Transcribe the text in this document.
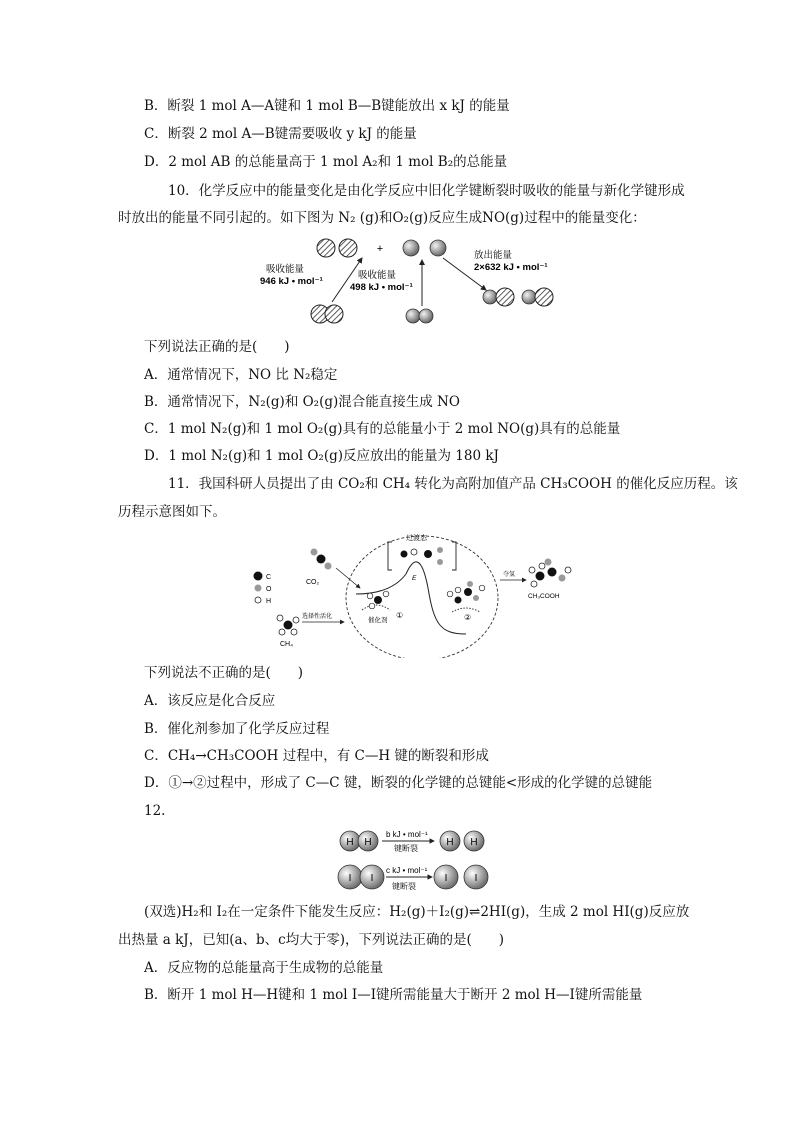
B．断裂 1 mol A—A键和 1 mol B—B键能放出 x kJ 的能量
C．断裂 2 mol A—B键需要吸收 y kJ 的能量
D．2 mol AB 的总能量高于 1 mol A₂和 1 mol B₂的总能量
10．化学反应中的能量变化是由化学反应中旧化学键断裂时吸收的能量与新化学键形成
时放出的能量不同引起的。如下图为 N₂ (g)和O₂(g)反应生成NO(g)过程中的能量变化：
+
吸收能量
946 kJ • mol⁻¹
吸收能量
498 kJ • mol⁻¹
放出能量
2×632 kJ • mol⁻¹
下列说法正确的是(　　)
A．通常情况下，NO 比 N₂稳定
B．通常情况下，N₂(g)和 O₂(g)混合能直接生成 NO
C．1 mol N₂(g)和 1 mol O₂(g)具有的总能量小于 2 mol NO(g)具有的总能量
D．1 mol N₂(g)和 1 mol O₂(g)反应放出的能量为 180 kJ
11．我国科研人员提出了由 CO₂和 CH₄ 转化为高附加值产品 CH₃COOH 的催化反应历程。该
历程示意图如下。
C
O
H
CO₂
CH₄
选择性活化
过渡态
E
催化剂
①	②
夺氢
CH₃COOH
下列说法不正确的是(　　)
A．该反应是化合反应
B．催化剂参加了化学反应过程
C．CH₄→CH₃COOH 过程中，有 C—H 键的断裂和形成
D．①→②过程中，形成了 C—C 键，断裂的化学键的总键能<形成的化学键的总键能
12.
H H
b kJ • mol⁻¹
键断裂
H H
I I
c kJ • mol⁻¹
键断裂
I	I
(双选)H₂和 I₂在一定条件下能发生反应：H₂(g)＋I₂(g)⇌2HI(g)，生成 2 mol HI(g)反应放
出热量 a kJ，已知(a、b、c均大于零)，下列说法正确的是(　　)
A．反应物的总能量高于生成物的总能量
B．断开 1 mol H—H键和 1 mol I—I键所需能量大于断开 2 mol H—I键所需能量
